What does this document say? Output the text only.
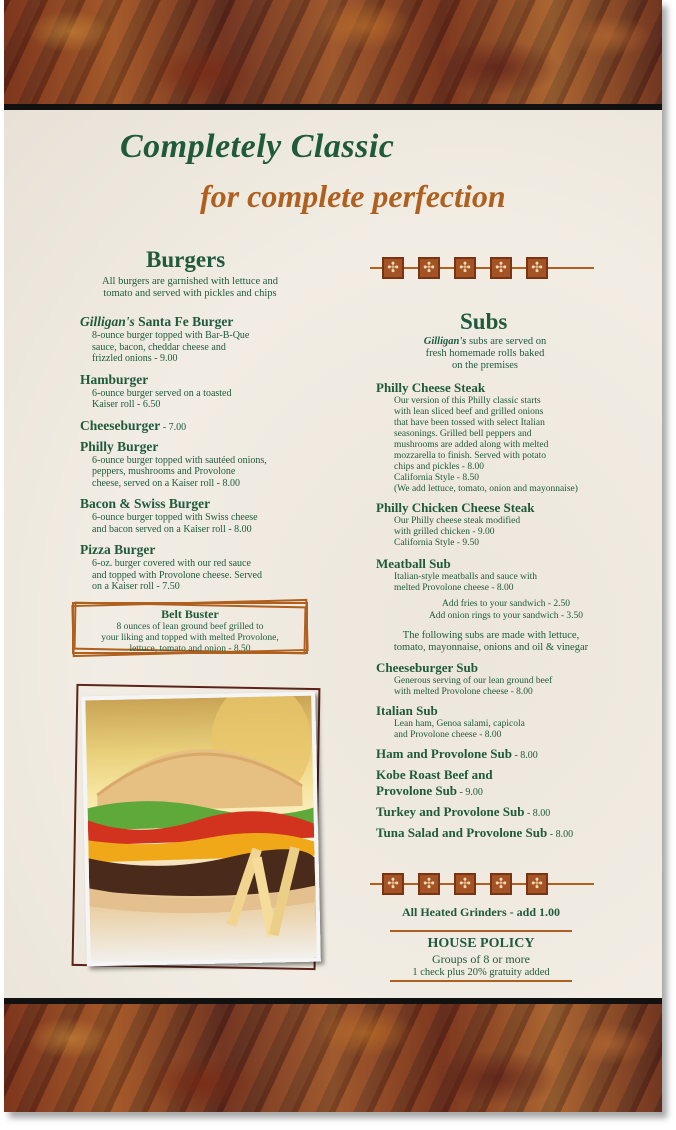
Completely Classic

for complete perfection

Burgers

All burgers are garnished with lettuce and
tomato and served with pickles and chips
Gilligan's Santa Fe Burger
8-ounce burger topped with Bar-B-Que
sauce, bacon, cheddar cheese and
frizzled onions - 9.00
Hamburger
6-ounce burger served on a toasted
Kaiser roll - 6.50
Cheeseburger - 7.00
Philly Burger
6-ounce burger topped with sautéed onions,
peppers, mushrooms and Provolone
cheese, served on a Kaiser roll - 8.00
Bacon & Swiss Burger
6-ounce burger topped with Swiss cheese
and bacon served on a Kaiser roll - 8.00
Pizza Burger
6-oz. burger covered with our red sauce
and topped with Provolone cheese. Served
on a Kaiser roll - 7.50
Belt Buster
8 ounces of lean ground beef grilled to
your liking and topped with melted Provolone,
lettuce, tomato and onion - 8.50
✣	✣	✣	✣	✣

Subs

Gilligan's subs are served on
fresh homemade rolls baked
on the premises
Philly Cheese Steak
Our version of this Philly classic starts
with lean sliced beef and grilled onions
that have been tossed with select Italian
seasonings. Grilled bell peppers and
mushrooms are added along with melted
mozzarella to finish. Served with potato
chips and pickles - 8.00
California Style - 8.50
(We add lettuce, tomato, onion and mayonnaise)
Philly Chicken Cheese Steak
Our Philly cheese steak modified
with grilled chicken - 9.00
California Style - 9.50
Meatball Sub
Italian-style meatballs and sauce with
melted Provolone cheese - 8.00
Add fries to your sandwich - 2.50
Add onion rings to your sandwich - 3.50
The following subs are made with lettuce,
tomato, mayonnaise, onions and oil & vinegar
Cheeseburger Sub
Generous serving of our lean ground beef
with melted Provolone cheese - 8.00
Italian Sub
Lean ham, Genoa salami, capicola
and Provolone cheese - 8.00
Ham and Provolone Sub - 8.00
Kobe Roast Beef and
Provolone Sub - 9.00
Turkey and Provolone Sub - 8.00
Tuna Salad and Provolone Sub - 8.00
✣	✣	✣	✣	✣
All Heated Grinders - add 1.00
HOUSE POLICY
Groups of 8 or more
1 check plus 20% gratuity added
